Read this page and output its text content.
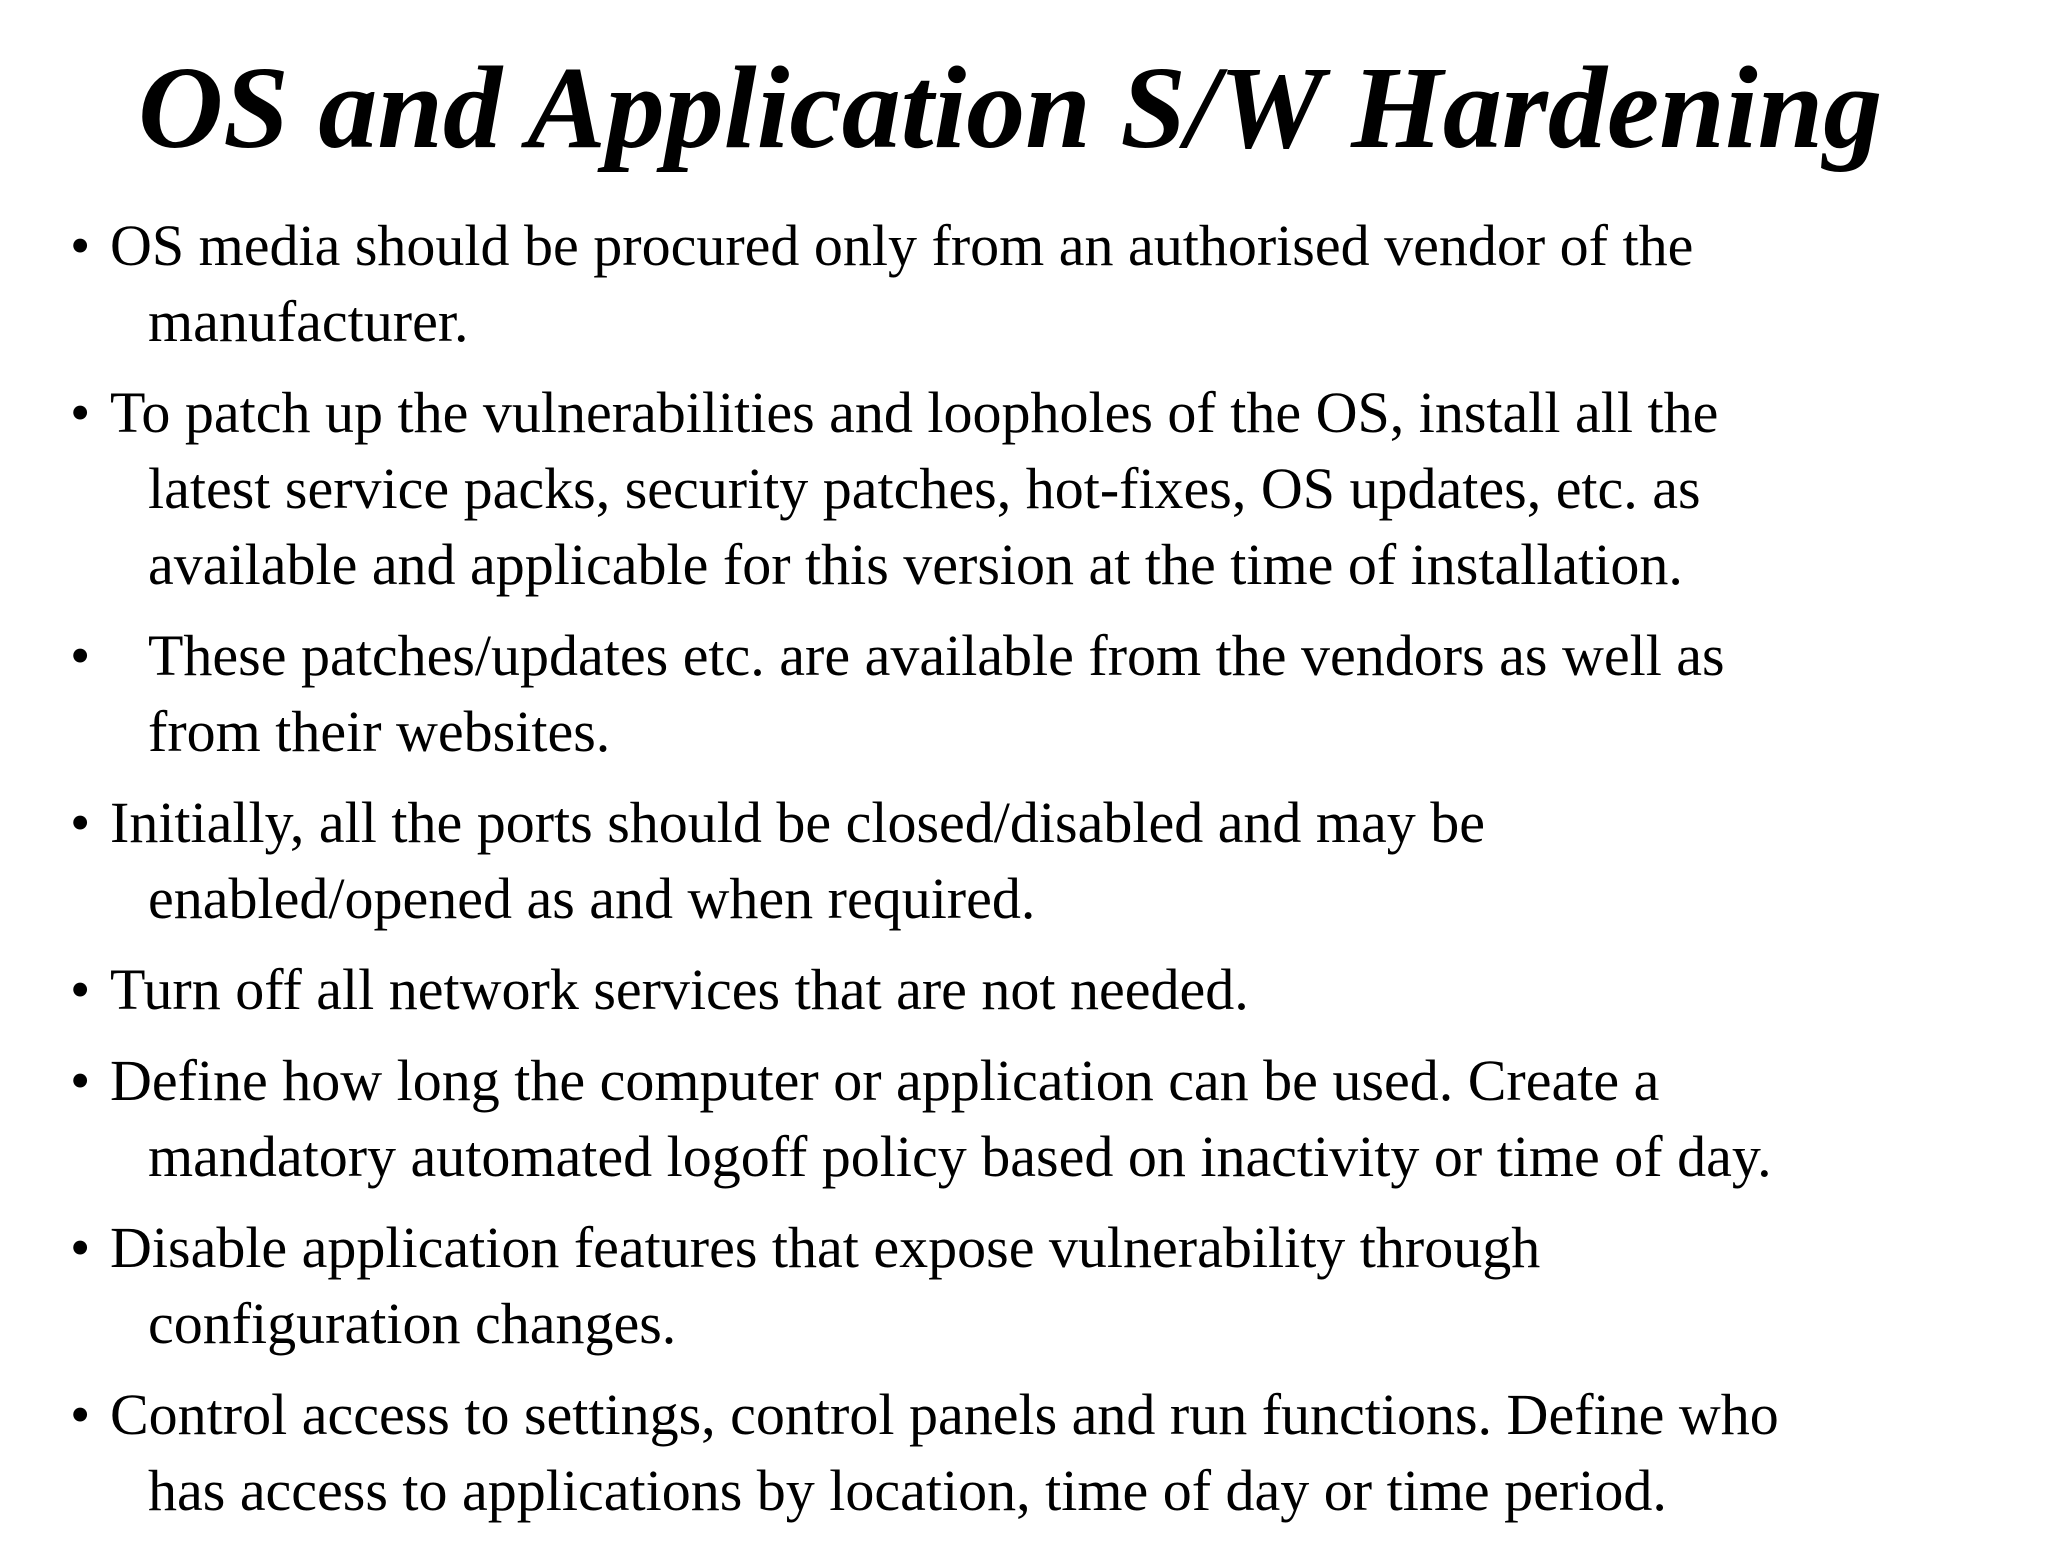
OS and Application S/W Hardening
• OS media should be procured only from an authorised vendor of the
manufacturer.
• To patch up the vulnerabilities and loopholes of the OS, install all the
latest service packs, security patches, hot-fixes, OS updates, etc. as
available and applicable for this version at the time of installation.
• These patches/updates etc. are available from the vendors as well as
from their websites.
• Initially, all the ports should be closed/disabled and may be
enabled/opened as and when required.
• Turn off all network services that are not needed.
• Define how long the computer or application can be used. Create a
mandatory automated logoff policy based on inactivity or time of day.
• Disable application features that expose vulnerability through
configuration changes.
• Control access to settings, control panels and run functions. Define who
has access to applications by location, time of day or time period.
